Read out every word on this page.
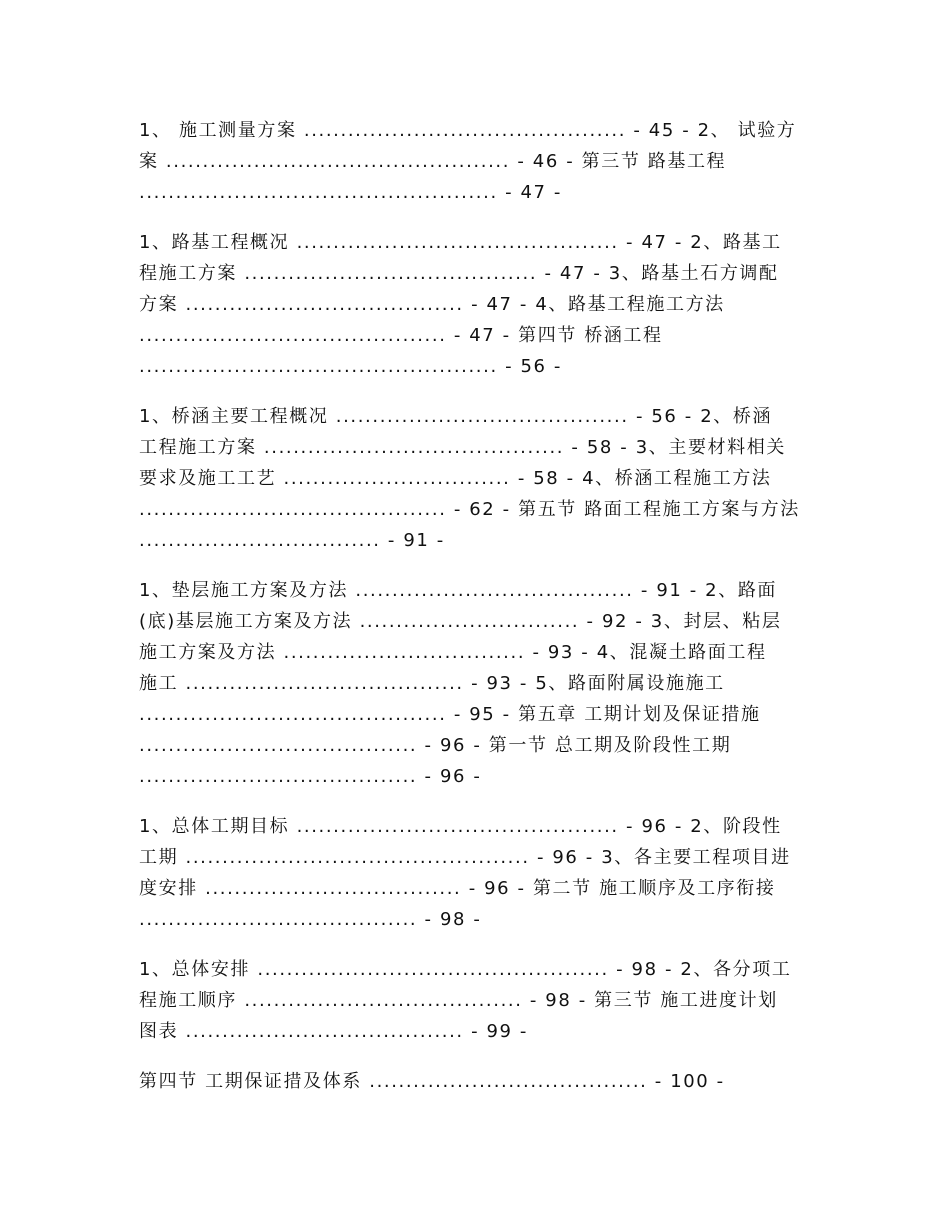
1、 施工测量方案 ............................................ - 45 - 2、 试验方
案 ............................................... - 46 - 第三节 路基工程
................................................. - 47 -
1、路基工程概况 ............................................ - 47 - 2、路基工
程施工方案 ........................................ - 47 - 3、路基土石方调配
方案 ...................................... - 47 - 4、路基工程施工方法
.......................................... - 47 - 第四节 桥涵工程
................................................. - 56 -
1、桥涵主要工程概况 ........................................ - 56 - 2、桥涵
工程施工方案 ......................................... - 58 - 3、主要材料相关
要求及施工工艺 ............................... - 58 - 4、桥涵工程施工方法
.......................................... - 62 - 第五节 路面工程施工方案与方法
................................. - 91 -
1、垫层施工方案及方法 ...................................... - 91 - 2、路面
(底)基层施工方案及方法 .............................. - 92 - 3、封层、粘层
施工方案及方法 ................................. - 93 - 4、混凝土路面工程
施工 ...................................... - 93 - 5、路面附属设施施工
.......................................... - 95 - 第五章 工期计划及保证措施
...................................... - 96 - 第一节 总工期及阶段性工期
...................................... - 96 -
1、总体工期目标 ............................................ - 96 - 2、阶段性
工期 ............................................... - 96 - 3、各主要工程项目进
度安排 ................................... - 96 - 第二节 施工顺序及工序衔接
...................................... - 98 -
1、总体安排 ................................................ - 98 - 2、各分项工
程施工顺序 ...................................... - 98 - 第三节 施工进度计划
图表 ...................................... - 99 -
第四节 工期保证措及体系 ...................................... - 100 -
